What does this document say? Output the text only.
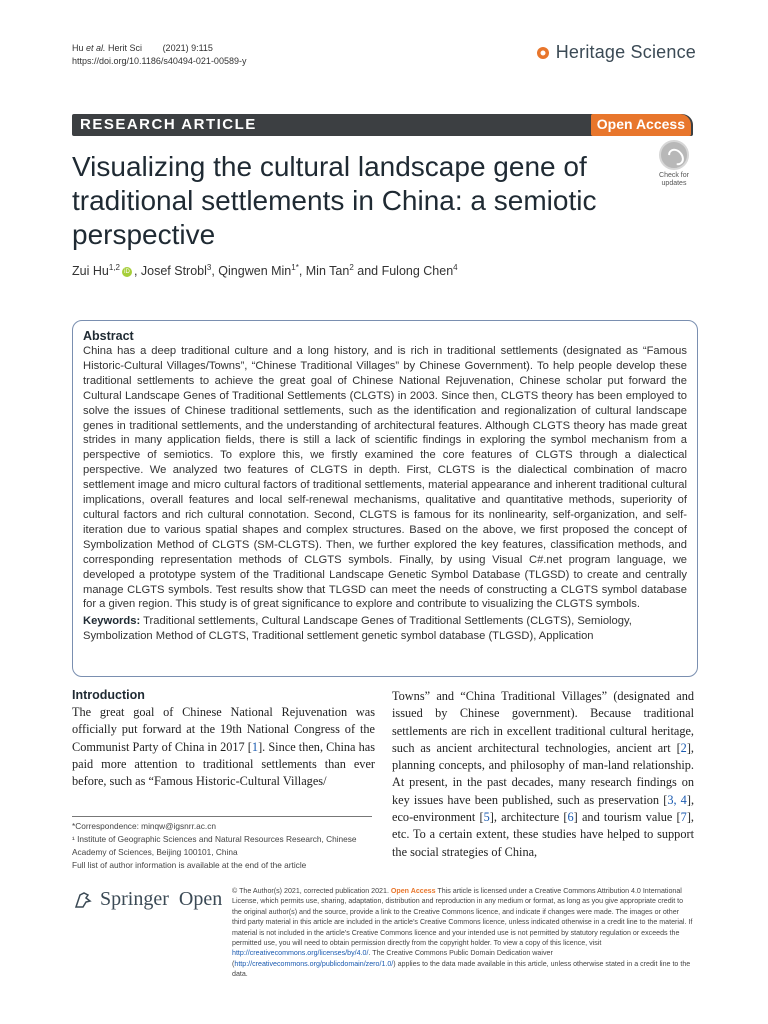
Hu et al. Herit Sci (2021) 9:115
https://doi.org/10.1186/s40494-021-00589-y	Heritage Science
RESEARCH ARTICLE	Open Access
Visualizing the cultural landscape gene of traditional settlements in China: a semiotic perspective
Check for
updates
Zui Hu$^{1,2}$ iD , Josef Strobl$^3$, Qingwen Min$^{1*}$, Min Tan$^2$ and Fulong Chen$^4$
Abstract

China has a deep traditional culture and a long history, and is rich in traditional settlements (designated as “Famous Historic-Cultural Villages/Towns”, “Chinese Traditional Villages” by Chinese Government). To help people develop these traditional settlements to achieve the great goal of Chinese National Rejuvenation, Chinese scholar put forward the Cultural Landscape Genes of Traditional Settlements (CLGTS) in 2003. Since then, CLGTS theory has been employed to solve the issues of Chinese traditional settlements, such as the identification and regionalization of cultural landscape genes in traditional settlements, and the understanding of architectural features. Although CLGTS theory has made great strides in many application fields, there is still a lack of scientific findings in exploring the symbol mechanism from a perspective of semiotics. To explore this, we firstly examined the core features of CLGTS through a dialectical perspective. We analyzed two features of CLGTS in depth. First, CLGTS is the dialectical combination of macro settlement image and micro cultural factors of traditional settlements, material appearance and inherent traditional cultural implications, overall features and local self-renewal mechanisms, qualitative and quantitative methods, superiority of cultural factors and rich cultural connotation. Second, CLGTS is famous for its nonlinearity, self-organization, and self-iteration due to various spatial shapes and complex structures. Based on the above, we first proposed the concept of Symbolization Method of CLGTS (SM-CLGTS). Then, we further explored the key features, classification methods, and corresponding representation methods of CLGTS symbols. Finally, by using Visual C#.net program language, we developed a prototype system of the Traditional Landscape Genetic Symbol Database (TLGSD) to create and centrally manage CLGTS symbols. Test results show that TLGSD can meet the needs of constructing a CLGTS symbol database for a given region. This study is of great significance to explore and contribute to visualizing the CLGTS symbols.

Keywords: Traditional settlements, Cultural Landscape Genes of Traditional Settlements (CLGTS), Semiology, Symbolization Method of CLGTS, Traditional settlement genetic symbol database (TLGSD), Application
Introduction

The great goal of Chinese National Rejuvenation was officially put forward at the 19th National Congress of the Communist Party of China in 2017 [1]. Since then, China has paid more attention to traditional settlements than ever before, such as “Famous Historic-Cultural Villages/

Towns” and “China Traditional Villages” (designated and issued by Chinese government). Because traditional settlements are rich in excellent traditional cultural heritage, such as ancient architectural technologies, ancient art [2], planning concepts, and philosophy of man-land relationship. At present, in the past decades, many research findings on key issues have been published, such as preservation [3, 4], eco-environment [5], architecture [6] and tourism value [7], etc. To a certain extent, these studies have helped to support the social strategies of China,

*Correspondence: minqw@igsnrr.ac.cn
¹ Institute of Geographic Sciences and Natural Resources Research, Chinese Academy of Sciences, Beijing 100101, China
Full list of author information is available at the end of the article
Springer Open © The Author(s) 2021, corrected publication 2021. Open Access This article is licensed under a Creative Commons Attribution 4.0 International License, which permits use, sharing, adaptation, distribution and reproduction in any medium or format, as long as you give appropriate credit to the original author(s) and the source, provide a link to the Creative Commons licence, and indicate if changes were made. The images or other third party material in this article are included in the article’s Creative Commons licence, unless indicated otherwise in a credit line to the material. If material is not included in the article’s Creative Commons licence and your intended use is not permitted by statutory regulation or exceeds the permitted use, you will need to obtain permission directly from the copyright holder. To view a copy of this licence, visit http://creativecommons.org/licenses/by/4.0/. The Creative Commons Public Domain Dedication waiver (http://creativecommons.org/publicdomain/zero/1.0/) applies to the data made available in this article, unless otherwise stated in a credit line to the data.
